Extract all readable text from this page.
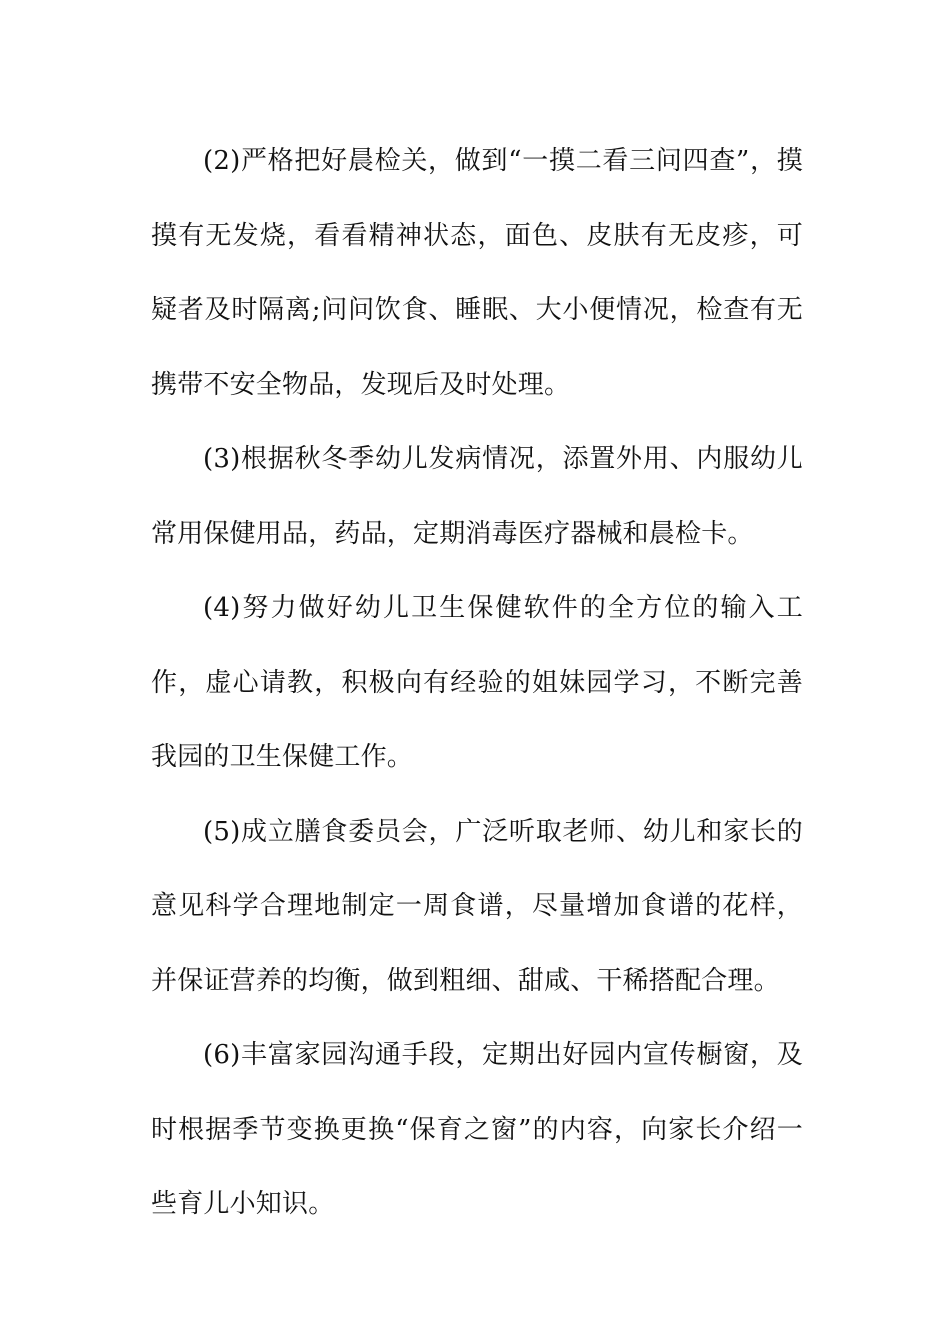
(2)严格把好晨检关，做到“一摸二看三问四查”，摸摸有无发烧，看看精神状态，面色、皮肤有无皮疹，可疑者及时隔离;问问饮食、睡眠、大小便情况，检查有无携带不安全物品，发现后及时处理。

(3)根据秋冬季幼儿发病情况，添置外用、内服幼儿常用保健用品，药品，定期消毒医疗器械和晨检卡。

(4)努力做好幼儿卫生保健软件的全方位的输入工作，虚心请教，积极向有经验的姐妹园学习，不断完善我园的卫生保健工作。

(5)成立膳食委员会，广泛听取老师、幼儿和家长的意见科学合理地制定一周食谱，尽量增加食谱的花样，并保证营养的均衡，做到粗细、甜咸、干稀搭配合理。

(6)丰富家园沟通手段，定期出好园内宣传橱窗，及时根据季节变换更换“保育之窗”的内容，向家长介绍一些育儿小知识。
